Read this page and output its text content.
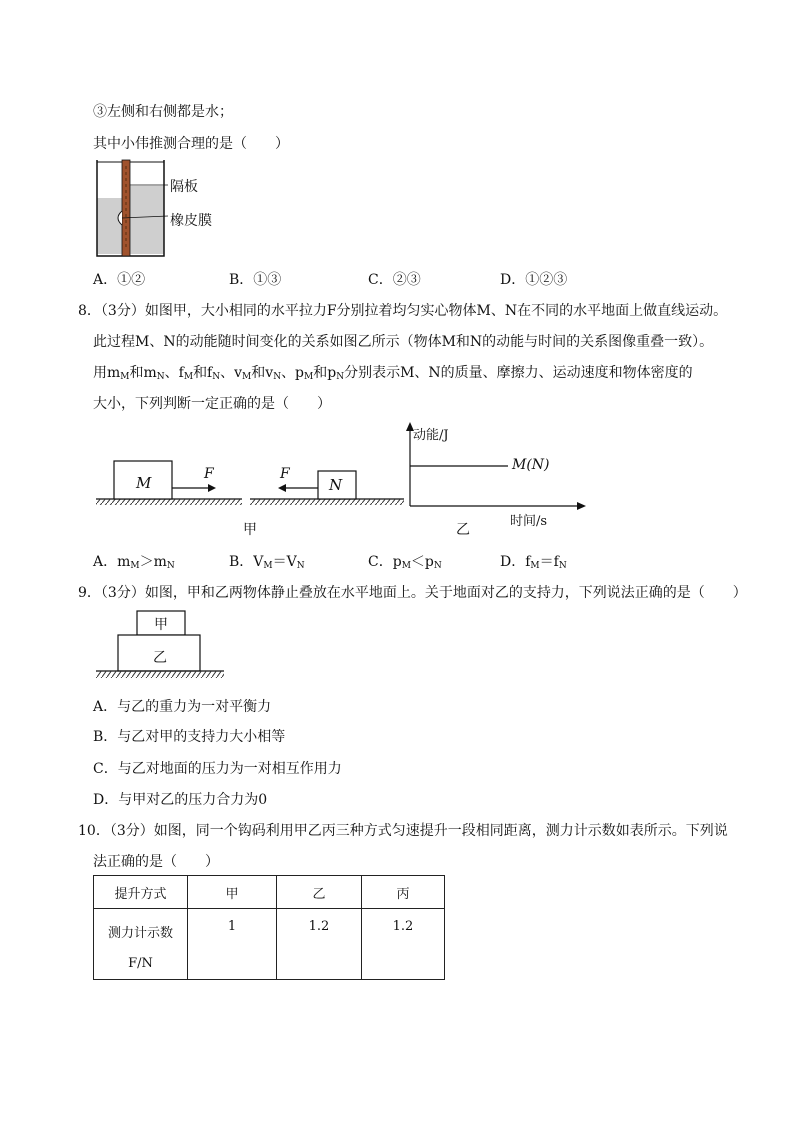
③左侧和右侧都是水；
其中小伟推测合理的是（　　）
隔板
橡皮膜
A．①②	B．①③	C．②③	D．①②③
8．（3分）如图甲，大小相同的水平拉力F分别拉着均匀实心物体M、N在不同的水平地面上做直线运动。
此过程M、N的动能随时间变化的关系如图乙所示（物体M和N的动能与时间的关系图像重叠一致）。
用$m_M$和$m_N$、$f_M$和$f_N$、$v_M$和$v_N$、$p_M$和$p_N$分别表示M、N的质量、摩擦力、运动速度和物体密度的
大小，下列判断一定正确的是（　　）
M	F
N
F
甲
动能/J
M(N)
时间/s
乙
A．$m_M>m_N$	B．$V_M=V_N$	C．$p_M<p_N$	D．$f_M=f_N$
9．（3分）如图，甲和乙两物体静止叠放在水平地面上。关于地面对乙的支持力，下列说法正确的是（　　）
甲
乙
A．与乙的重力为一对平衡力
B．与乙对甲的支持力大小相等
C．与乙对地面的压力为一对相互作用力
D．与甲对乙的压力合力为0
10．（3分）如图，同一个钩码利用甲乙丙三种方式匀速提升一段相同距离，测力计示数如表所示。下列说
法正确的是（　　）
提升方式	甲	乙	丙
测力计示数
F/N	1	1.2	1.2
